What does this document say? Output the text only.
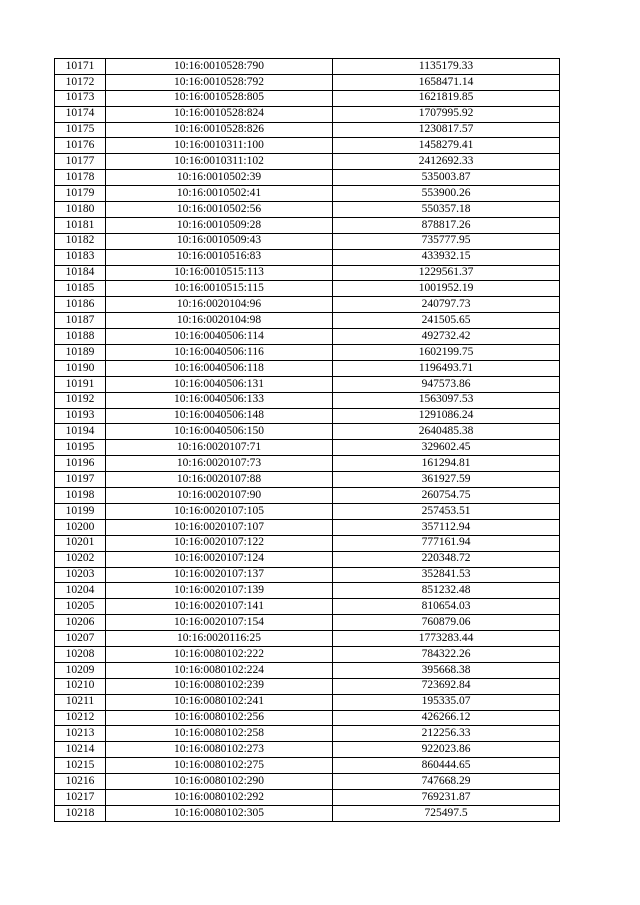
10171	10:16:0010528:790	1135179.33
10172	10:16:0010528:792	1658471.14
10173	10:16:0010528:805	1621819.85
10174	10:16:0010528:824	1707995.92
10175	10:16:0010528:826	1230817.57
10176	10:16:0010311:100	1458279.41
10177	10:16:0010311:102	2412692.33
10178	10:16:0010502:39	535003.87
10179	10:16:0010502:41	553900.26
10180	10:16:0010502:56	550357.18
10181	10:16:0010509:28	878817.26
10182	10:16:0010509:43	735777.95
10183	10:16:0010516:83	433932.15
10184	10:16:0010515:113	1229561.37
10185	10:16:0010515:115	1001952.19
10186	10:16:0020104:96	240797.73
10187	10:16:0020104:98	241505.65
10188	10:16:0040506:114	492732.42
10189	10:16:0040506:116	1602199.75
10190	10:16:0040506:118	1196493.71
10191	10:16:0040506:131	947573.86
10192	10:16:0040506:133	1563097.53
10193	10:16:0040506:148	1291086.24
10194	10:16:0040506:150	2640485.38
10195	10:16:0020107:71	329602.45
10196	10:16:0020107:73	161294.81
10197	10:16:0020107:88	361927.59
10198	10:16:0020107:90	260754.75
10199	10:16:0020107:105	257453.51
10200	10:16:0020107:107	357112.94
10201	10:16:0020107:122	777161.94
10202	10:16:0020107:124	220348.72
10203	10:16:0020107:137	352841.53
10204	10:16:0020107:139	851232.48
10205	10:16:0020107:141	810654.03
10206	10:16:0020107:154	760879.06
10207	10:16:0020116:25	1773283.44
10208	10:16:0080102:222	784322.26
10209	10:16:0080102:224	395668.38
10210	10:16:0080102:239	723692.84
10211	10:16:0080102:241	195335.07
10212	10:16:0080102:256	426266.12
10213	10:16:0080102:258	212256.33
10214	10:16:0080102:273	922023.86
10215	10:16:0080102:275	860444.65
10216	10:16:0080102:290	747668.29
10217	10:16:0080102:292	769231.87
10218	10:16:0080102:305	725497.5
